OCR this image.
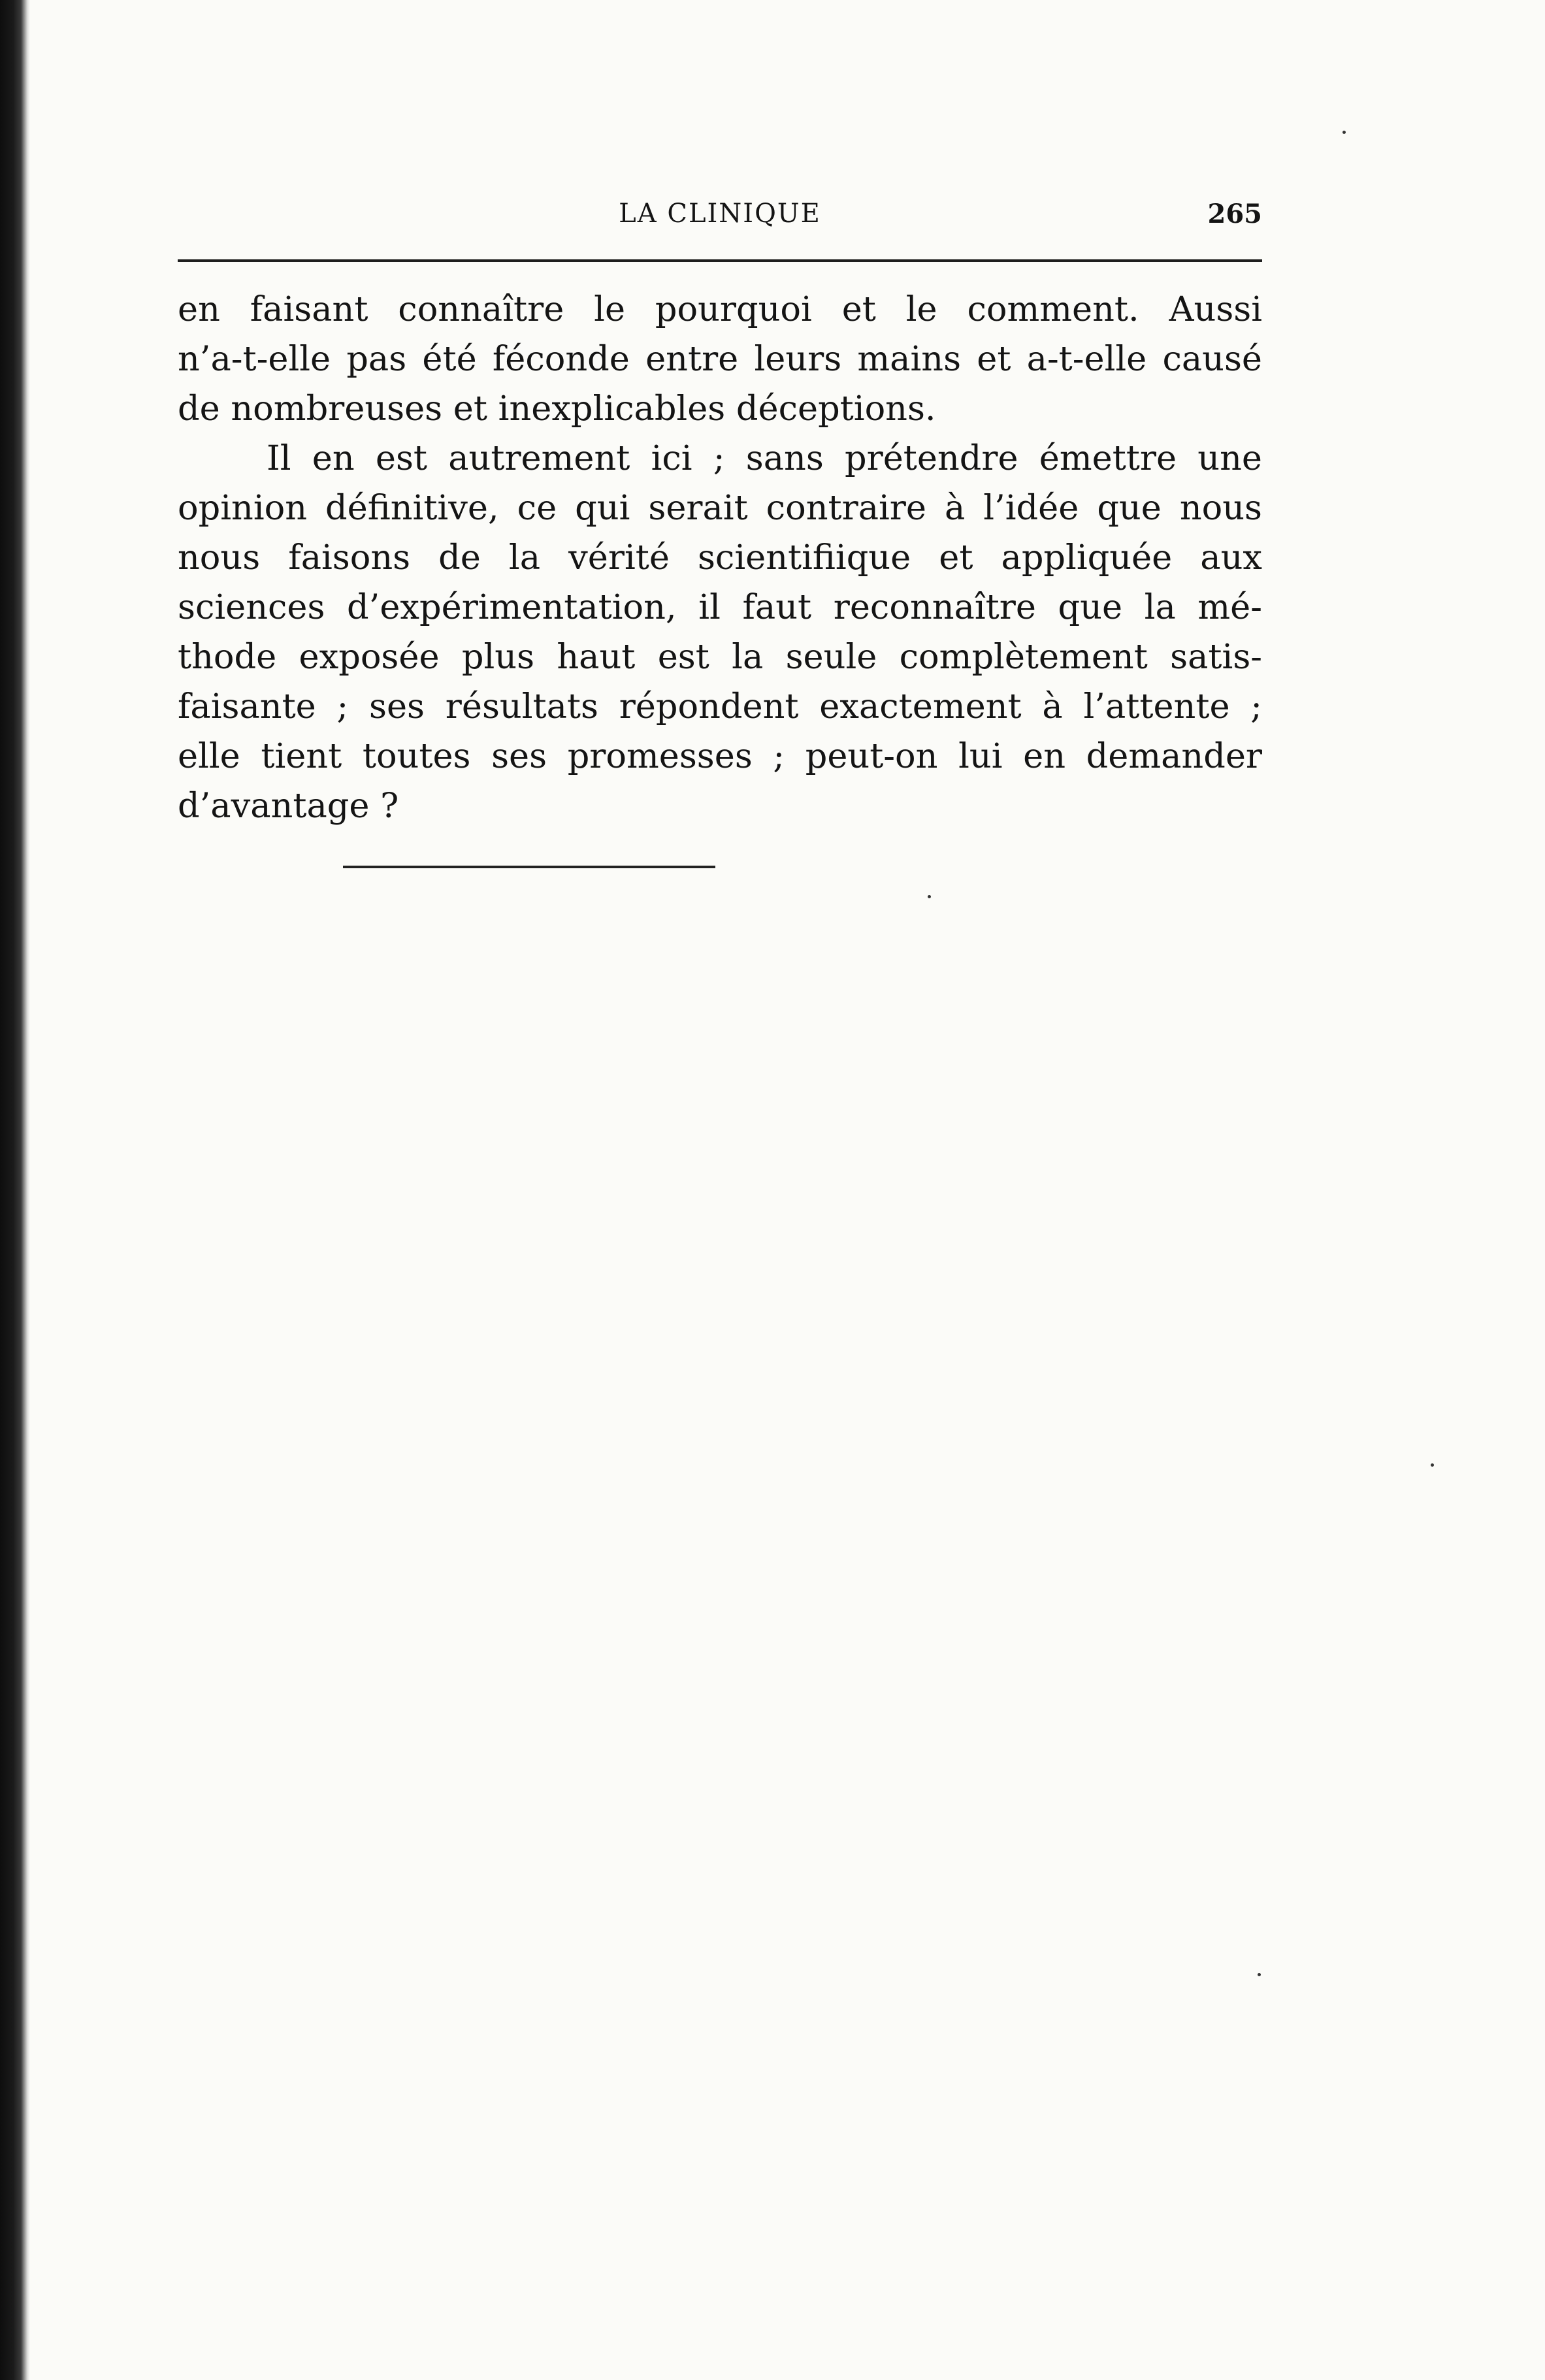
LA CLINIQUE	265
en faisant connaître le pourquoi et le comment. Aussi
n’a-t-elle pas été féconde entre leurs mains et a-t-elle causé
de nombreuses et inexplicables déceptions.
Il en est autrement ici ; sans prétendre émettre une
opinion définitive, ce qui serait contraire à l’idée que nous
nous faisons de la vérité scientifiique et appliquée aux
sciences d’expérimentation, il faut reconnaître que la mé-
thode exposée plus haut est la seule complètement satis-
faisante ; ses résultats répondent exactement à l’attente ;
elle tient toutes ses promesses ; peut-on lui en demander
d’avantage ?
